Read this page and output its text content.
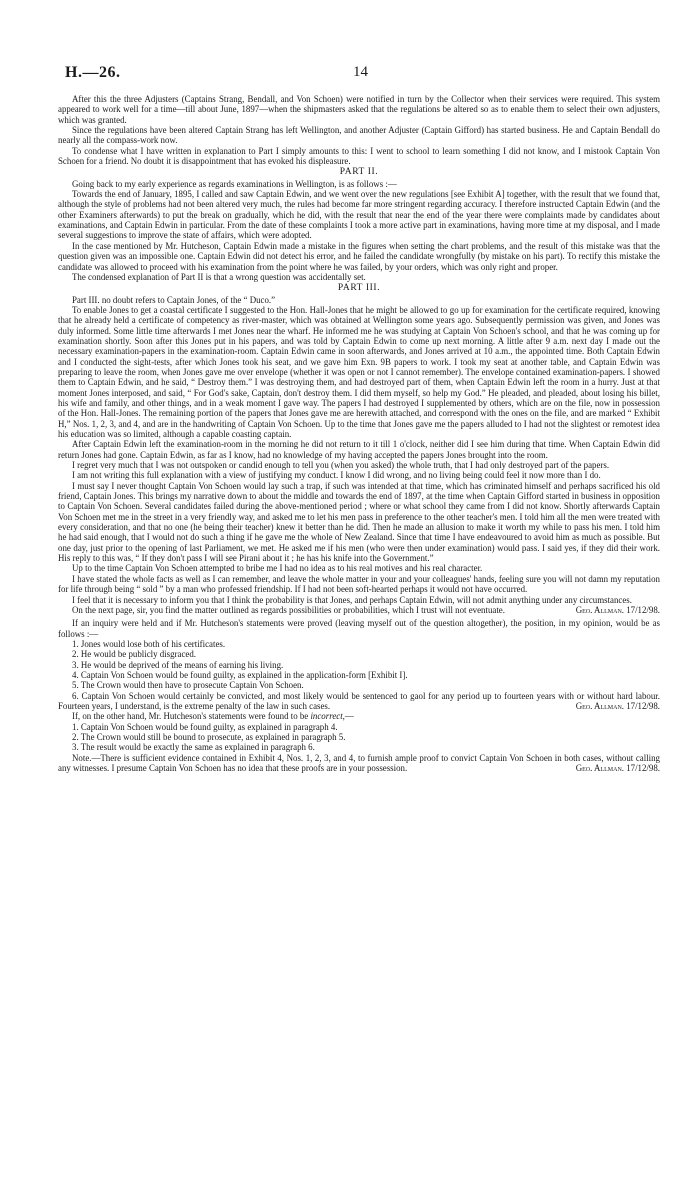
H.—26.	14

After this the three Adjusters (Captains Strang, Bendall, and Von Schoen) were notified in turn by the Collector when their services were required. This system appeared to work well for a time—till about June, 1897—when the shipmasters asked that the regulations be altered so as to enable them to select their own adjusters, which was granted.

Since the regulations have been altered Captain Strang has left Wellington, and another Adjuster (Captain Gifford) has started business. He and Captain Bendall do nearly all the compass-work now.

To condense what I have written in explanation to Part I simply amounts to this: I went to school to learn something I did not know, and I mistook Captain Von Schoen for a friend. No doubt it is disappointment that has evoked his displeasure.

PART II.

Going back to my early experience as regards examinations in Wellington, is as follows :—

Towards the end of January, 1895, I called and saw Captain Edwin, and we went over the new regulations [see Exhibit A] together, with the result that we found that, although the style of problems had not been altered very much, the rules had become far more stringent regarding accuracy. I therefore instructed Captain Edwin (and the other Examiners afterwards) to put the break on gradually, which he did, with the result that near the end of the year there were complaints made by candidates about examinations, and Captain Edwin in particular. From the date of these complaints I took a more active part in examinations, having more time at my disposal, and I made several suggestions to improve the state of affairs, which were adopted.

In the case mentioned by Mr. Hutcheson, Captain Edwin made a mistake in the figures when setting the chart problems, and the result of this mistake was that the question given was an impossible one. Captain Edwin did not detect his error, and he failed the candidate wrongfully (by mistake on his part). To rectify this mistake the candidate was allowed to proceed with his examination from the point where he was failed, by your orders, which was only right and proper.

The condensed explanation of Part II is that a wrong question was accidentally set.

PART III.

Part III. no doubt refers to Captain Jones, of the “ Duco.”

To enable Jones to get a coastal certificate I suggested to the Hon. Hall-Jones that he might be allowed to go up for examination for the certificate required, knowing that he already held a certificate of competency as river-master, which was obtained at Wellington some years ago. Subsequently permission was given, and Jones was duly informed. Some little time afterwards I met Jones near the wharf. He informed me he was studying at Captain Von Schoen's school, and that he was coming up for examination shortly. Soon after this Jones put in his papers, and was told by Captain Edwin to come up next morning. A little after 9 a.m. next day I made out the necessary examination-papers in the examination-room. Captain Edwin came in soon afterwards, and Jones arrived at 10 a.m., the appointed time. Both Captain Edwin and I conducted the sight-tests, after which Jones took his seat, and we gave him Exn. 9B papers to work. I took my seat at another table, and Captain Edwin was preparing to leave the room, when Jones gave me over envelope (whether it was open or not I cannot remember). The envelope contained examination-papers. I showed them to Captain Edwin, and he said, “ Destroy them.” I was destroying them, and had destroyed part of them, when Captain Edwin left the room in a hurry. Just at that moment Jones interposed, and said, “ For God's sake, Captain, don't destroy them. I did them myself, so help my God.” He pleaded, and pleaded, about losing his billet, his wife and family, and other things, and in a weak moment I gave way. The papers I had destroyed I supplemented by others, which are on the file, now in possession of the Hon. Hall-Jones. The remaining portion of the papers that Jones gave me are herewith attached, and correspond with the ones on the file, and are marked “ Exhibit H,” Nos. 1, 2, 3, and 4, and are in the handwriting of Captain Von Schoen. Up to the time that Jones gave me the papers alluded to I had not the slightest or remotest idea his education was so limited, although a capable coasting captain.

After Captain Edwin left the examination-room in the morning he did not return to it till 1 o'clock, neither did I see him during that time. When Captain Edwin did return Jones had gone. Captain Edwin, as far as I know, had no knowledge of my having accepted the papers Jones brought into the room.

I regret very much that I was not outspoken or candid enough to tell you (when you asked) the whole truth, that I had only destroyed part of the papers.

I am not writing this full explanation with a view of justifying my conduct. I know I did wrong, and no living being could feel it now more than I do.

I must say I never thought Captain Von Schoen would lay such a trap, if such was intended at that time, which has criminated himself and perhaps sacrificed his old friend, Captain Jones. This brings my narrative down to about the middle and towards the end of 1897, at the time when Captain Gifford started in business in opposition to Captain Von Schoen. Several candidates failed during the above-mentioned period ; where or what school they came from I did not know. Shortly afterwards Captain Von Schoen met me in the street in a very friendly way, and asked me to let his men pass in preference to the other teacher's men. I told him all the men were treated with every consideration, and that no one (he being their teacher) knew it better than he did. Then he made an allusion to make it worth my while to pass his men. I told him he had said enough, that I would not do such a thing if he gave me the whole of New Zealand. Since that time I have endeavoured to avoid him as much as possible. But one day, just prior to the opening of last Parliament, we met. He asked me if his men (who were then under examination) would pass. I said yes, if they did their work. His reply to this was, “ If they don't pass I will see Pirani about it ; he has his knife into the Government.”

Up to the time Captain Von Schoen attempted to bribe me I had no idea as to his real motives and his real character.

I have stated the whole facts as well as I can remember, and leave the whole matter in your and your colleagues' hands, feeling sure you will not damn my reputation for life through being “ sold ” by a man who professed friendship. If I had not been soft-hearted perhaps it would not have occurred.

I feel that it is necessary to inform you that I think the probability is that Jones, and perhaps Captain Edwin, will not admit anything under any circumstances.

On the next page, sir, you find the matter outlined as regards possibilities or probabilities, which I trust will not eventuate.	Geo. Allman. 17/12/98.

If an inquiry were held and if Mr. Hutcheson's statements were proved (leaving myself out of the question altogether), the position, in my opinion, would be as follows :—

1. Jones would lose both of his certificates.
2. He would be publicly disgraced.
3. He would be deprived of the means of earning his living.
4. Captain Von Schoen would be found guilty, as explained in the application-form [Exhibit I].
5. The Crown would then have to prosecute Captain Von Schoen.
6. Captain Von Schoen would certainly be convicted, and most likely would be sentenced to gaol for any period up to fourteen years with or without hard labour. Fourteen years, I understand, is the extreme penalty of the law in such cases.	Geo. Allman. 17/12/98.

If, on the other hand, Mr. Hutcheson's statements were found to be incorrect,—

1. Captain Von Schoen would be found guilty, as explained in paragraph 4.
2. The Crown would still be bound to prosecute, as explained in paragraph 5.
3. The result would be exactly the same as explained in paragraph 6.

Note.—There is sufficient evidence contained in Exhibit 4, Nos. 1, 2, 3, and 4, to furnish ample proof to convict Captain Von Schoen in both cases, without calling any witnesses. I presume Captain Von Schoen has no idea that these proofs are in your possession.	Geo. Allman. 17/12/98.
